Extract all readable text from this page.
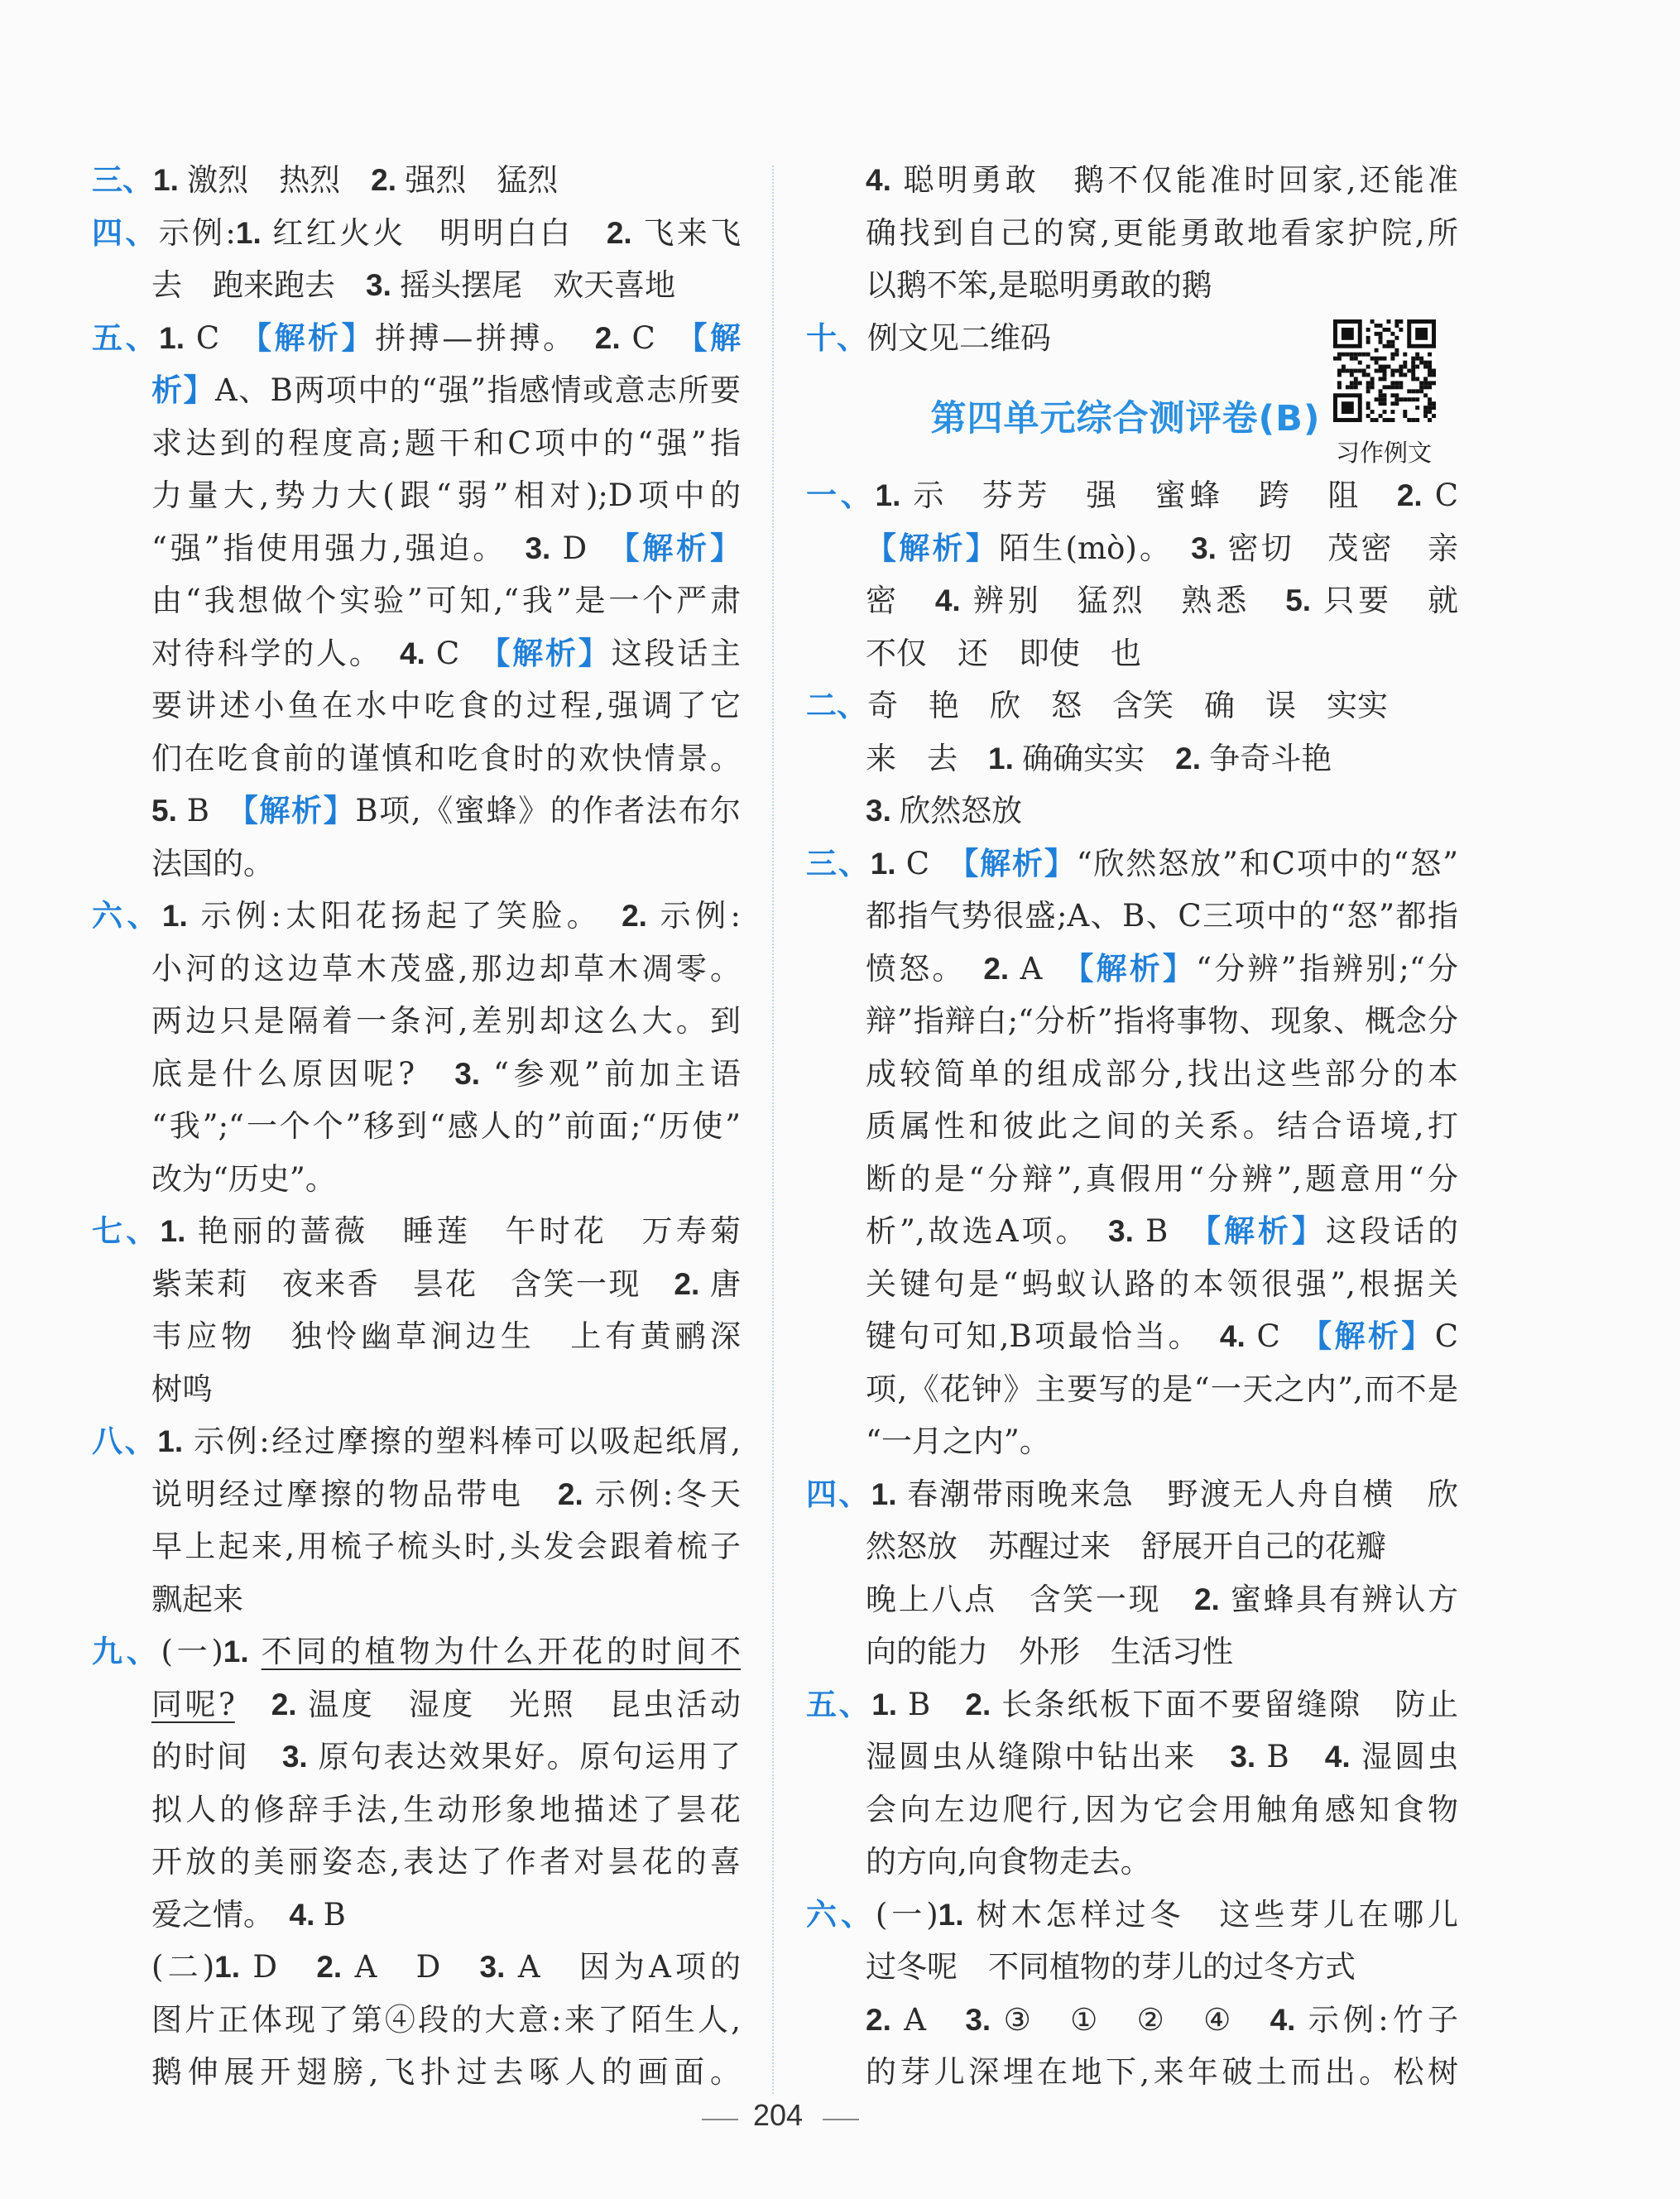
三、1. 激烈　热烈　2. 强烈　猛烈
四、示例:1. 红红火火　明明白白　2. 飞来飞
去　跑来跑去　3. 摇头摆尾　欢天喜地
五、1. C　【解析】拼搏—拼搏。　2. C　【解
析】A、B两项中的“强”指感情或意志所要
求达到的程度高;题干和C项中的“强”指
力量大,势力大(跟“弱”相对);D项中的
“强”指使用强力,强迫。　3. D　【解析】
由“我想做个实验”可知,“我”是一个严肃
对待科学的人。　4. C　【解析】这段话主
要讲述小鱼在水中吃食的过程,强调了它
们在吃食前的谨慎和吃食时的欢快情景。
5. B　【解析】B项,《蜜蜂》的作者法布尔
法国的。
六、1. 示例:太阳花扬起了笑脸。　2. 示例:
小河的这边草木茂盛,那边却草木凋零。
两边只是隔着一条河,差别却这么大。到
底是什么原因呢?　3. “参观”前加主语
“我”;“一个个”移到“感人的”前面;“历使”
改为“历史”。
七、1. 艳丽的蔷薇　睡莲　午时花　万寿菊
紫茉莉　夜来香　昙花　含笑一现　2. 唐
韦应物　独怜幽草涧边生　上有黄鹂深
树鸣
八、1. 示例:经过摩擦的塑料棒可以吸起纸屑,
说明经过摩擦的物品带电　2. 示例:冬天
早上起来,用梳子梳头时,头发会跟着梳子
飘起来
九、(一)1. 不同的植物为什么开花的时间不
同呢?　 2. 温度　湿度　光照　昆虫活动
的时间　3. 原句表达效果好。原句运用了
拟人的修辞手法,生动形象地描述了昙花
开放的美丽姿态,表达了作者对昙花的喜
爱之情。　4. B
(二)1. D　2. A　D　3. A　因为A项的
图片正体现了第④段的大意:来了陌生人,
鹅伸展开翅膀,飞扑过去啄人的画面。
4. 聪明勇敢　鹅不仅能准时回家,还能准
确找到自己的窝,更能勇敢地看家护院,所
以鹅不笨,是聪明勇敢的鹅
十、例文见二维码
第四单元综合测评卷(B)
习作例文
一、1. 示　芬芳　强　蜜蜂　跨　阻　2. C
【解析】陌生(mò)。　3. 密切　茂密　亲
密　4. 辨别　猛烈　熟悉　5. 只要　就
不仅　还　即使　也
二、奇　艳　欣　怒　含笑　确　误　实实
来　去　1. 确确实实　2. 争奇斗艳
3. 欣然怒放
三、1. C　【解析】“欣然怒放”和C项中的“怒”
都指气势很盛;A、B、C三项中的“怒”都指
愤怒。　2. A　【解析】“分辨”指辨别;“分
辩”指辩白;“分析”指将事物、现象、概念分
成较简单的组成部分,找出这些部分的本
质属性和彼此之间的关系。结合语境,打
断的是“分辩”,真假用“分辨”,题意用“分
析”,故选A项。　3. B　【解析】这段话的
关键句是“蚂蚁认路的本领很强”,根据关
键句可知,B项最恰当。　4. C　【解析】C
项,《花钟》主要写的是“一天之内”,而不是
“一月之内”。
四、1. 春潮带雨晚来急　野渡无人舟自横　欣
然怒放　苏醒过来　舒展开自己的花瓣
晚上八点　含笑一现　2. 蜜蜂具有辨认方
向的能力　外形　生活习性
五、1. B　2. 长条纸板下面不要留缝隙　防止
湿圆虫从缝隙中钻出来　3. B　4. 湿圆虫
会向左边爬行,因为它会用触角感知食物
的方向,向食物走去。
六、(一)1. 树木怎样过冬　这些芽儿在哪儿
过冬呢　不同植物的芽儿的过冬方式
2. A　3. ③　①　②　④　4. 示例:竹子
的芽儿深埋在地下,来年破土而出。松树
204
